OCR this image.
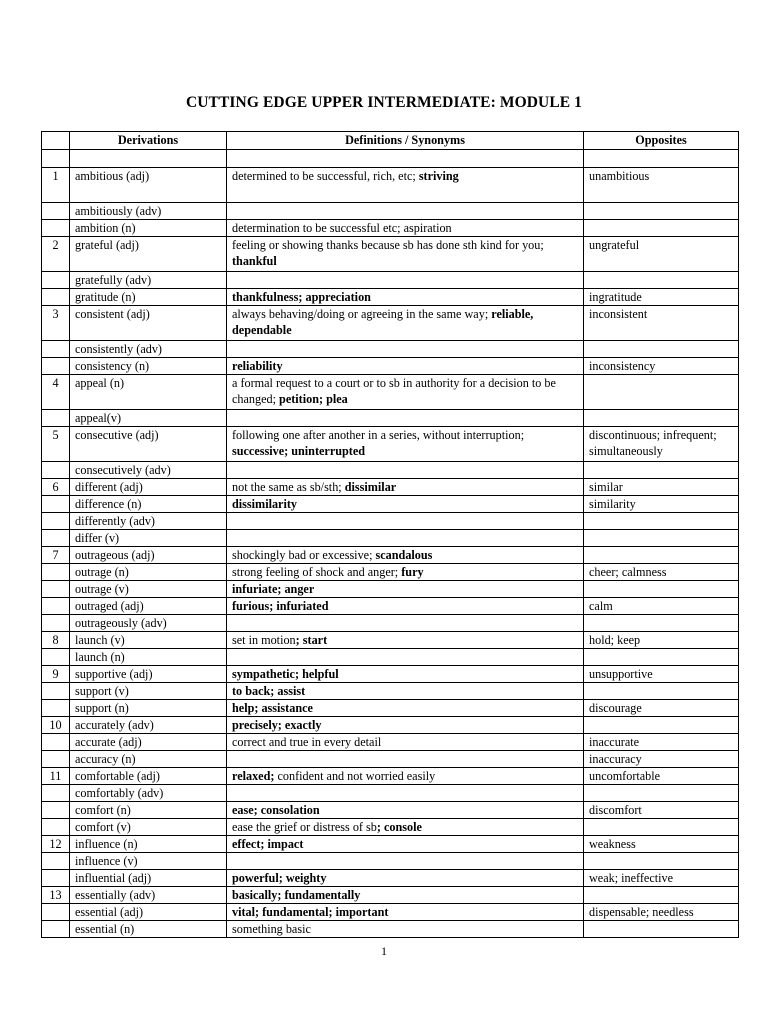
CUTTING EDGE UPPER INTERMEDIATE: MODULE 1
	Derivations	Definitions / Synonyms	Opposites

1	ambitious (adj)	determined to be successful, rich, etc; striving	unambitious
	ambitiously (adv)		
	ambition (n)	determination to be successful etc; aspiration	
2	grateful (adj)	feeling or showing thanks because sb has done sth kind for you; thankful	ungrateful
	gratefully (adv)		
	gratitude (n)	thankfulness; appreciation	ingratitude
3	consistent (adj)	always behaving/doing or agreeing in the same way; reliable, dependable	inconsistent
	consistently (adv)		
	consistency (n)	reliability	inconsistency
4	appeal (n)	a formal request to a court or to sb in authority for a decision to be changed; petition; plea	
	appeal(v)		
5	consecutive (adj)	following one after another in a series, without interruption; successive; uninterrupted	discontinuous; infrequent; simultaneously
	consecutively (adv)		
6	different (adj)	not the same as sb/sth; dissimilar	similar
	difference (n)	dissimilarity	similarity
	differently (adv)		
	differ (v)		
7	outrageous (adj)	shockingly bad or excessive; scandalous	
	outrage (n)	strong feeling of shock and anger; fury	cheer; calmness
	outrage (v)	infuriate; anger	
	outraged (adj)	furious; infuriated	calm
	outrageously (adv)		
8	launch (v)	set in motion; start	hold; keep
	launch (n)		
9	supportive (adj)	sympathetic; helpful	unsupportive
	support (v)	to back; assist	
	support (n)	help; assistance	discourage
10	accurately (adv)	precisely; exactly	
	accurate (adj)	correct and true in every detail	inaccurate
	accuracy (n)		inaccuracy
11	comfortable (adj)	relaxed; confident and not worried easily	uncomfortable
	comfortably (adv)		
	comfort (n)	ease; consolation	discomfort
	comfort (v)	ease the grief or distress of sb; console	
12	influence (n)	effect; impact	weakness
	influence (v)		
	influential (adj)	powerful; weighty	weak; ineffective
13	essentially (adv)	basically; fundamentally	
	essential (adj)	vital; fundamental; important	dispensable; needless
	essential (n)	something basic	
1
